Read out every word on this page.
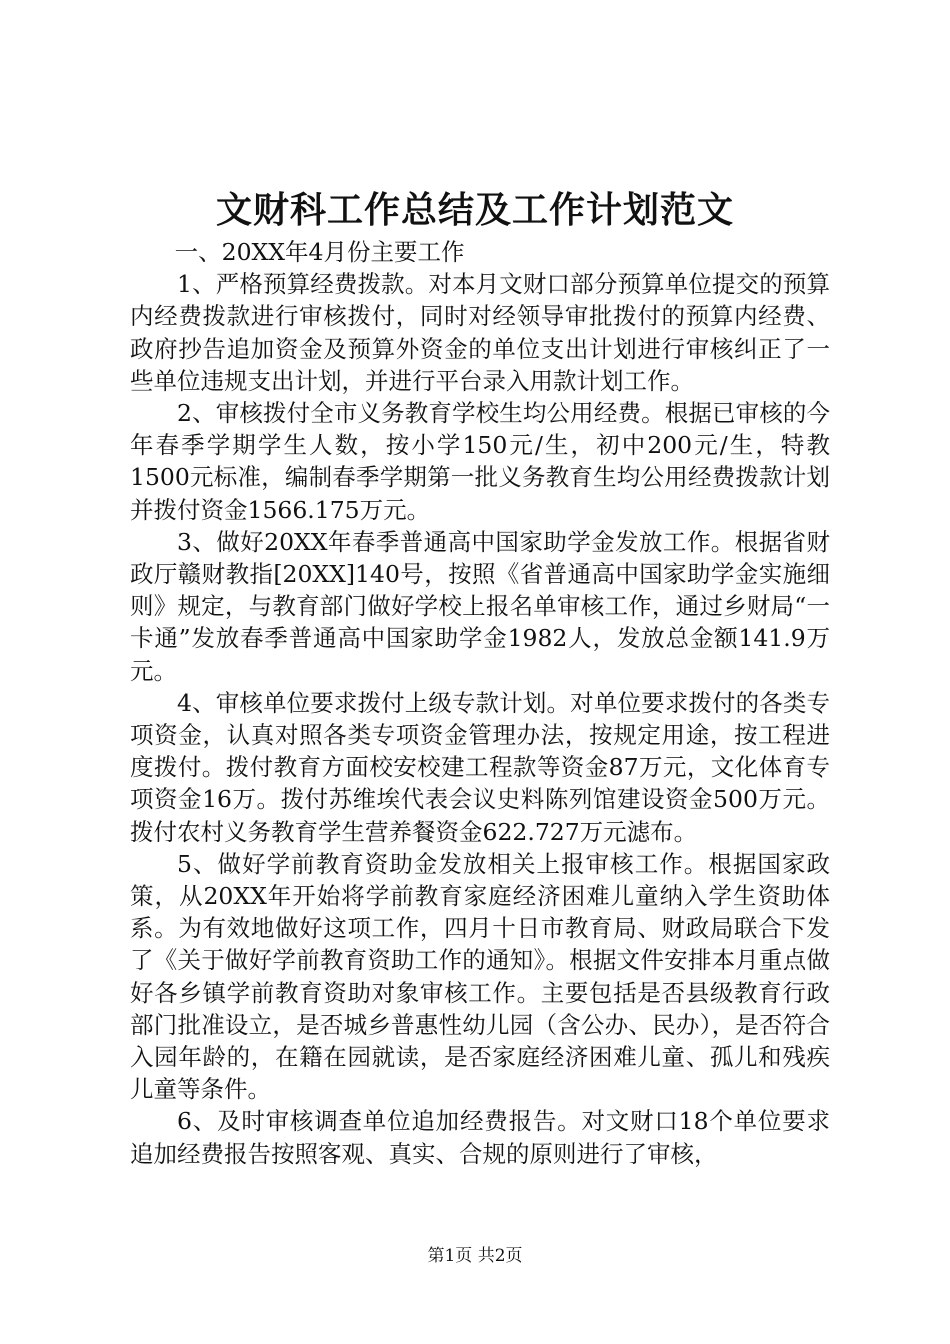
文财科工作总结及工作计划范文

一、20XX年4月份主要工作

1、严格预算经费拨款。对本月文财口部分预算单位提交的预算内经费拨款进行审核拨付，同时对经领导审批拨付的预算内经费、政府抄告追加资金及预算外资金的单位支出计划进行审核纠正了一些单位违规支出计划，并进行平台录入用款计划工作。

2、审核拨付全市义务教育学校生均公用经费。根据已审核的今年春季学期学生人数，按小学150元/生，初中200元/生，特教1500元标准，编制春季学期第一批义务教育生均公用经费拨款计划并拨付资金1566.175万元。

3、做好20XX年春季普通高中国家助学金发放工作。根据省财政厅赣财教指[20XX]140号，按照《省普通高中国家助学金实施细则》规定，与教育部门做好学校上报名单审核工作，通过乡财局“一卡通”发放春季普通高中国家助学金1982人，发放总金额141.9万元。

4、审核单位要求拨付上级专款计划。对单位要求拨付的各类专项资金，认真对照各类专项资金管理办法，按规定用途，按工程进度拨付。拨付教育方面校安校建工程款等资金87万元，文化体育专项资金16万。拨付苏维埃代表会议史料陈列馆建设资金500万元。拨付农村义务教育学生营养餐资金622.727万元滤布。

5、做好学前教育资助金发放相关上报审核工作。根据国家政策，从20XX年开始将学前教育家庭经济困难儿童纳入学生资助体系。为有效地做好这项工作，四月十日市教育局、财政局联合下发了《关于做好学前教育资助工作的通知》。根据文件安排本月重点做好各乡镇学前教育资助对象审核工作。主要包括是否县级教育行政部门批准设立，是否城乡普惠性幼儿园（含公办、民办），是否符合入园年龄的，在籍在园就读，是否家庭经济困难儿童、孤儿和残疾儿童等条件。

6、及时审核调查单位追加经费报告。对文财口18个单位要求追加经费报告按照客观、真实、合规的原则进行了审核，

第1页 共2页
